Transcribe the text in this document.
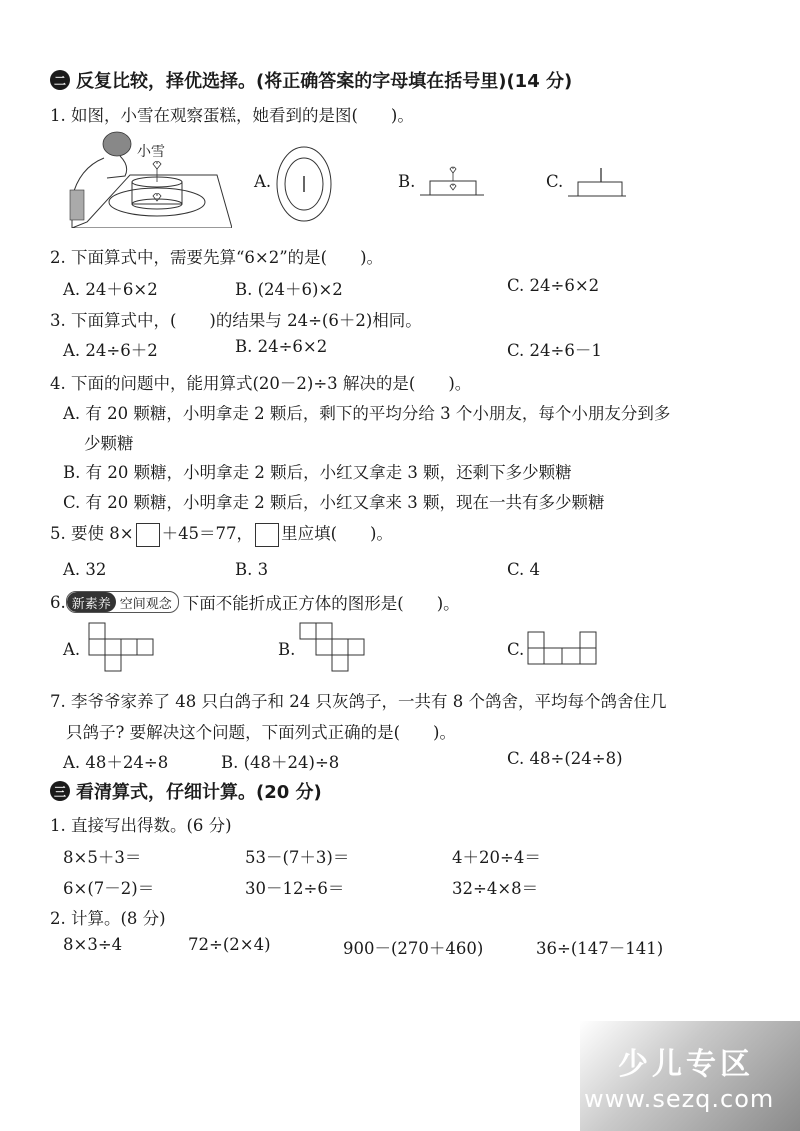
二 反复比较，择优选择。(将正确答案的字母填在括号里)(14 分)
1. 如图，小雪在观察蛋糕，她看到的是图(　　)。
小雪
A.	B.	C.
2. 下面算式中，需要先算“6×2”的是(　　)。
A. 24＋6×2	B. (24＋6)×2	C. 24÷6×2
3. 下面算式中，(　　)的结果与 24÷(6＋2)相同。
A. 24÷6＋2	B. 24÷6×2	C. 24÷6－1
4. 下面的问题中，能用算式(20－2)÷3 解决的是(　　)。
A. 有 20 颗糖，小明拿走 2 颗后，剩下的平均分给 3 个小朋友，每个小朋友分到多
少颗糖
B. 有 20 颗糖，小明拿走 2 颗后，小红又拿走 3 颗，还剩下多少颗糖
C. 有 20 颗糖，小明拿走 2 颗后，小红又拿来 3 颗，现在一共有多少颗糖
5. 要使 8× ＋45＝77， 里应填(　　)。
A. 32	B. 3	C. 4
6. 新素养 空间观念 下面不能折成正方体的图形是(　　)。
A.	B.	C.
7. 李爷爷家养了 48 只白鸽子和 24 只灰鸽子，一共有 8 个鸽舍，平均每个鸽舍住几
只鸽子? 要解决这个问题，下面列式正确的是(　　)。
A. 48＋24÷8	B. (48＋24)÷8	C. 48÷(24÷8)
三 看清算式，仔细计算。(20 分)
1. 直接写出得数。(6 分)
8×5＋3＝	53－(7＋3)＝	4＋20÷4＝
6×(7－2)＝	30－12÷6＝	32÷4×8＝
2. 计算。(8 分)
8×3÷4	72÷(2×4)	900－(270＋460)	36÷(147－141)
少儿专区
www.sezq.com
